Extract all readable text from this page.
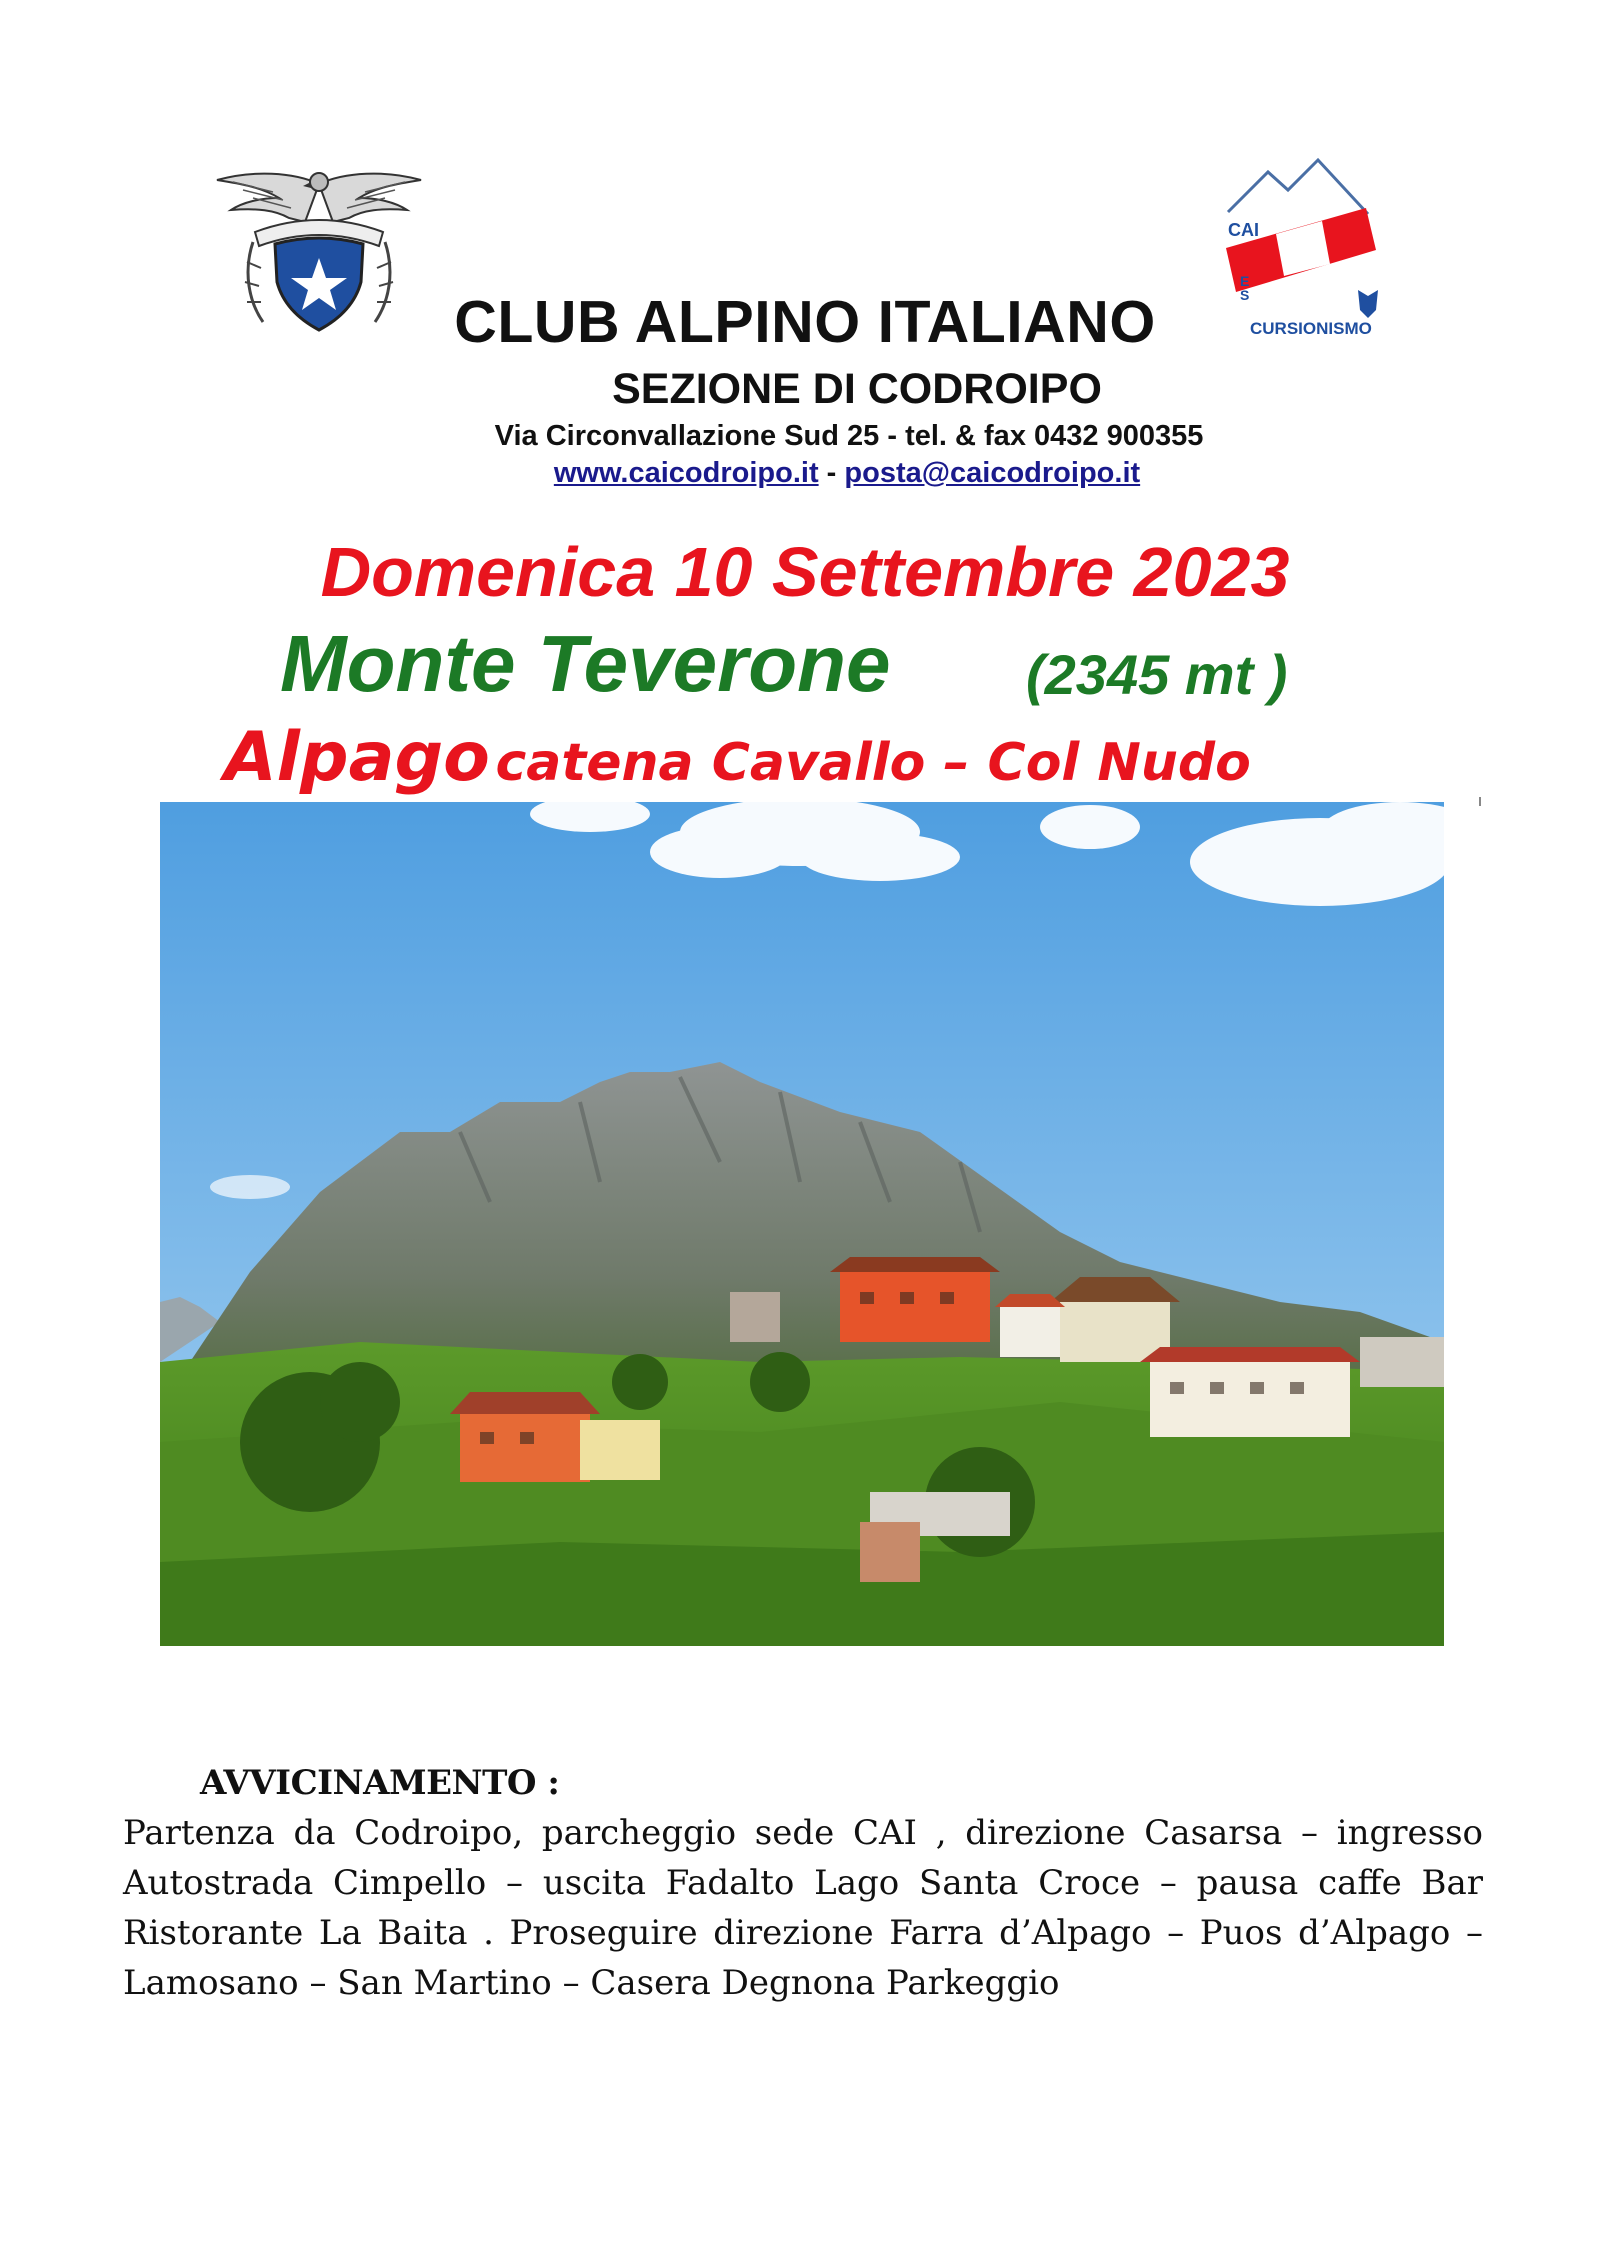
CAI
E
S
CURSIONISMO
CLUB ALPINO ITALIANO
SEZIONE DI CODROIPO
Via Circonvallazione Sud 25 - tel. & fax 0432 900355
www.caicodroipo.it - posta@caicodroipo.it
Domenica 10 Settembre 2023
Monte Teverone (2345 mt )
Alpago catena Cavallo – Col Nudo
AVVICINAMENTO :
Partenza da Codroipo, parcheggio sede CAI , direzione Casarsa – ingresso Autostrada Cimpello – uscita Fadalto Lago Santa Croce – pausa caffe Bar Ristorante La Baita . Proseguire direzione Farra d’Alpago – Puos d’Alpago – Lamosano – San Martino – Casera Degnona Parkeggio
